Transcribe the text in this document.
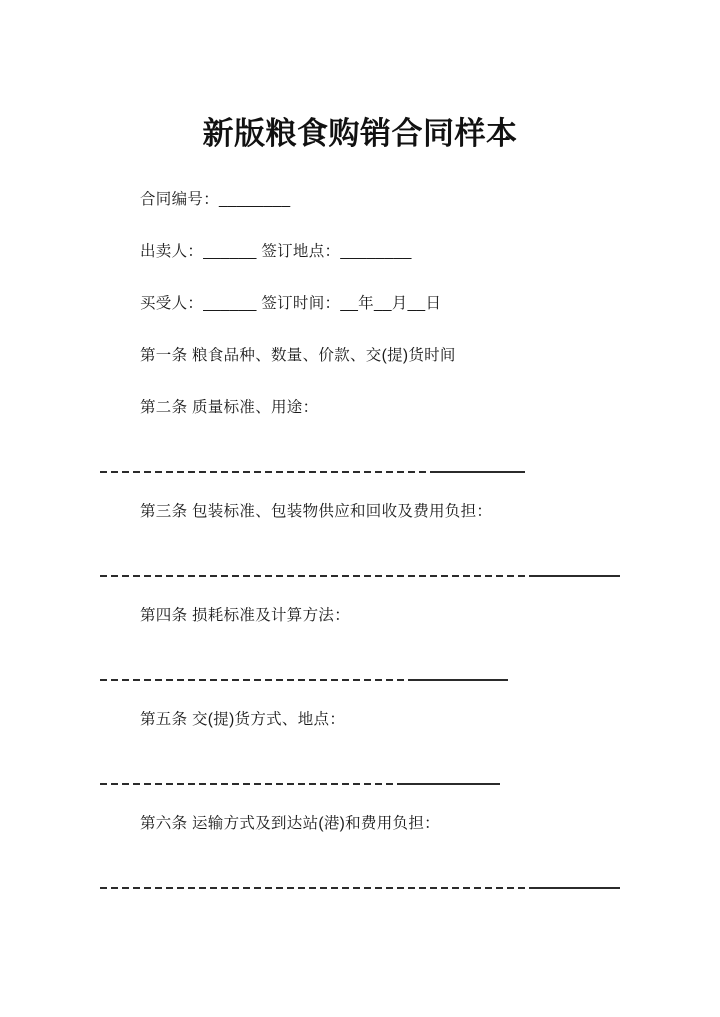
新版粮食购销合同样本
合同编号：________
出卖人：______ 签订地点：________
买受人：______ 签订时间：__年__月__日
第一条 粮食品种、数量、价款、交(提)货时间
第二条 质量标准、用途：
第三条 包装标准、包装物供应和回收及费用负担：
第四条 损耗标准及计算方法：
第五条 交(提)货方式、地点：
第六条 运输方式及到达站(港)和费用负担：
